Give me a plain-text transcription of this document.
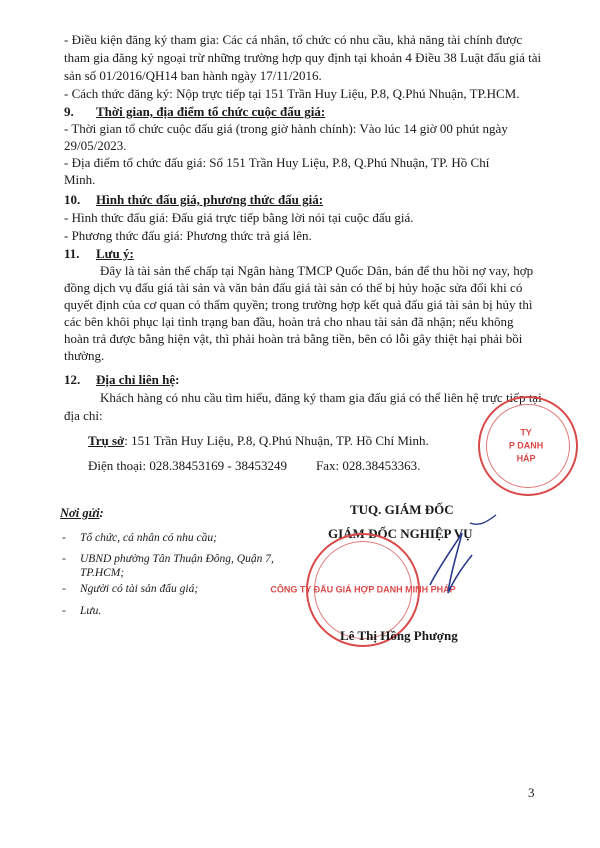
- Điều kiện đăng ký tham gia: Các cá nhân, tổ chức có nhu cầu, khả năng tài chính được
tham gia đăng ký ngoại trừ những trường hợp quy định tại khoản 4 Điều 38 Luật đấu giá tài
sản số 01/2016/QH14 ban hành ngày 17/11/2016.
- Cách thức đăng ký: Nộp trực tiếp tại 151 Trần Huy Liệu, P.8, Q.Phú Nhuận, TP.HCM.
9. Thời gian, địa điểm tổ chức cuộc đấu giá:
- Thời gian tổ chức cuộc đấu giá (trong giờ hành chính): Vào lúc 14 giờ 00 phút ngày
29/05/2023.
- Địa điểm tổ chức đấu giá: Số 151 Trần Huy Liệu, P.8, Q.Phú Nhuận, TP. Hồ Chí
Minh.
10. Hình thức đấu giá, phương thức đấu giá:
- Hình thức đấu giá: Đấu giá trực tiếp bằng lời nói tại cuộc đấu giá.
- Phương thức đấu giá: Phương thức trả giá lên.
11. Lưu ý:
Đây là tài sản thế chấp tại Ngân hàng TMCP Quốc Dân, bán để thu hồi nợ vay, hợp
đồng dịch vụ đấu giá tài sản và văn bản đấu giá tài sản có thể bị hủy hoặc sửa đổi khi có
quyết định của cơ quan có thẩm quyền; trong trường hợp kết quả đấu giá tài sản bị hủy thì
các bên khôi phục lại tình trạng ban đầu, hoàn trả cho nhau tài sản đã nhận; nếu không
hoàn trả được bằng hiện vật, thì phải hoàn trả bằng tiền, bên có lỗi gây thiệt hại phải bồi
thường.
12. Địa chỉ liên hệ:
Khách hàng có nhu cầu tìm hiểu, đăng ký tham gia đấu giá có thể liên hệ trực tiếp tại
địa chỉ:
Trụ sở: 151 Trần Huy Liệu, P.8, Q.Phú Nhuận, TP. Hồ Chí Minh.
Điện thoại: 028.38453169 - 38453249 Fax: 028.38453363.
TY
P DANH
HÁP
Nơi gửi:
- Tổ chức, cá nhân có nhu cầu;
- UBND phường Tân Thuận Đông, Quận 7,
TP.HCM;
- Người có tài sản đấu giá;
- Lưu.
TUQ. GIÁM ĐỐC
GIÁM ĐỐC NGHIỆP VỤ
CÔNG TY ĐẤU GIÁ HỢP DANH MINH PHÁP
Lê Thị Hồng Phượng
3
